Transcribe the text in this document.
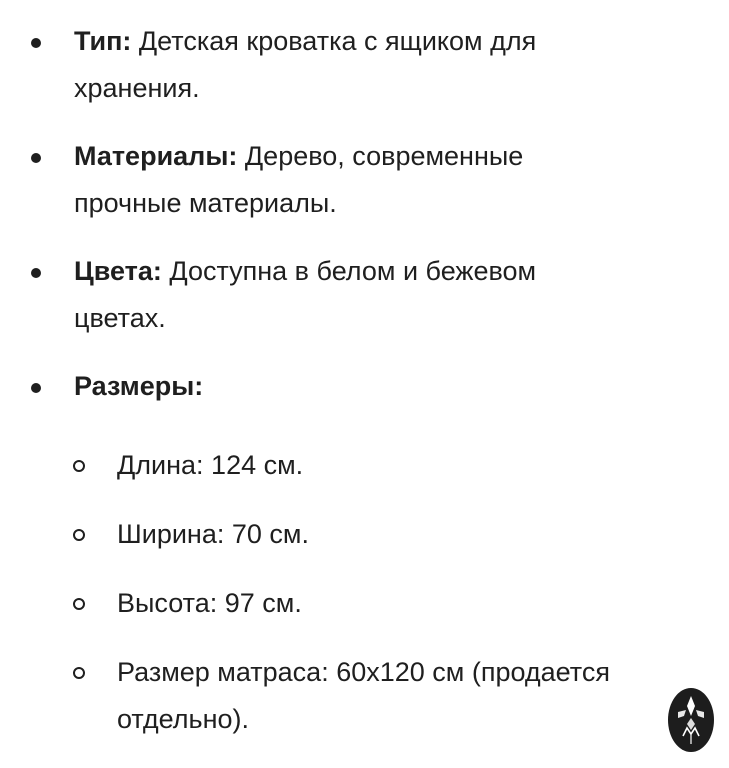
Тип: Детская кроватка с ящиком для
хранения.
Материалы: Дерево, современные
прочные материалы.
Цвета: Доступна в белом и бежевом
цветах.
Размеры:
Длина: 124 см.
Ширина: 70 см.
Высота: 97 см.
Размер матраса: 60x120 см (продается
отдельно).
